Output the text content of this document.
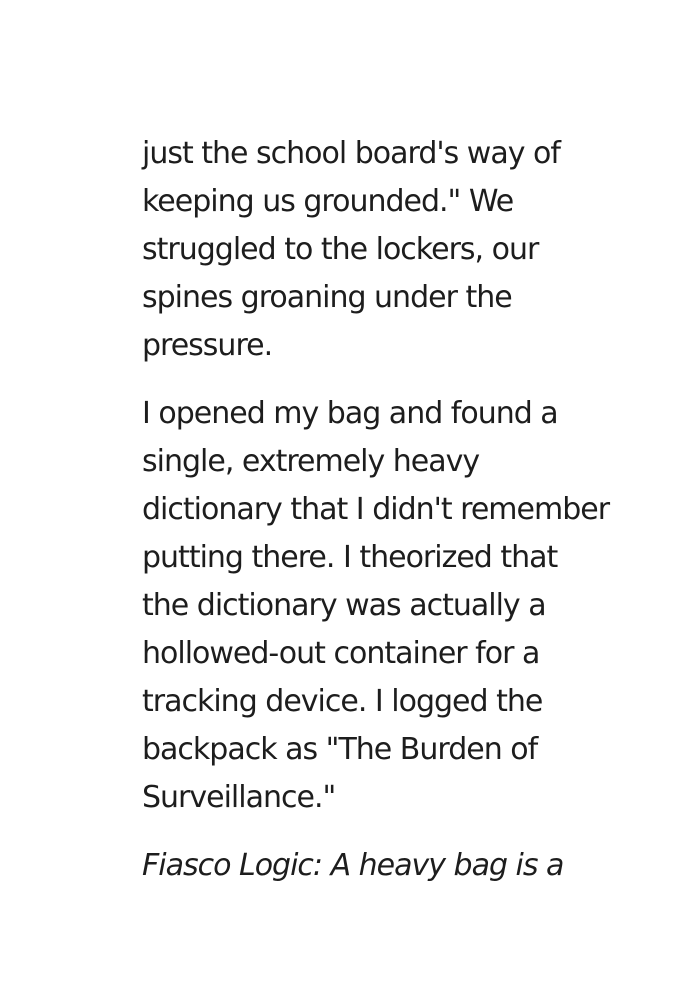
just the school board's way of
keeping us grounded." We
struggled to the lockers, our
spines groaning under the
pressure.
I opened my bag and found a
single, extremely heavy
dictionary that I didn't remember
putting there. I theorized that
the dictionary was actually a
hollowed-out container for a
tracking device. I logged the
backpack as "The Burden of
Surveillance."
Fiasco Logic: A heavy bag is a
